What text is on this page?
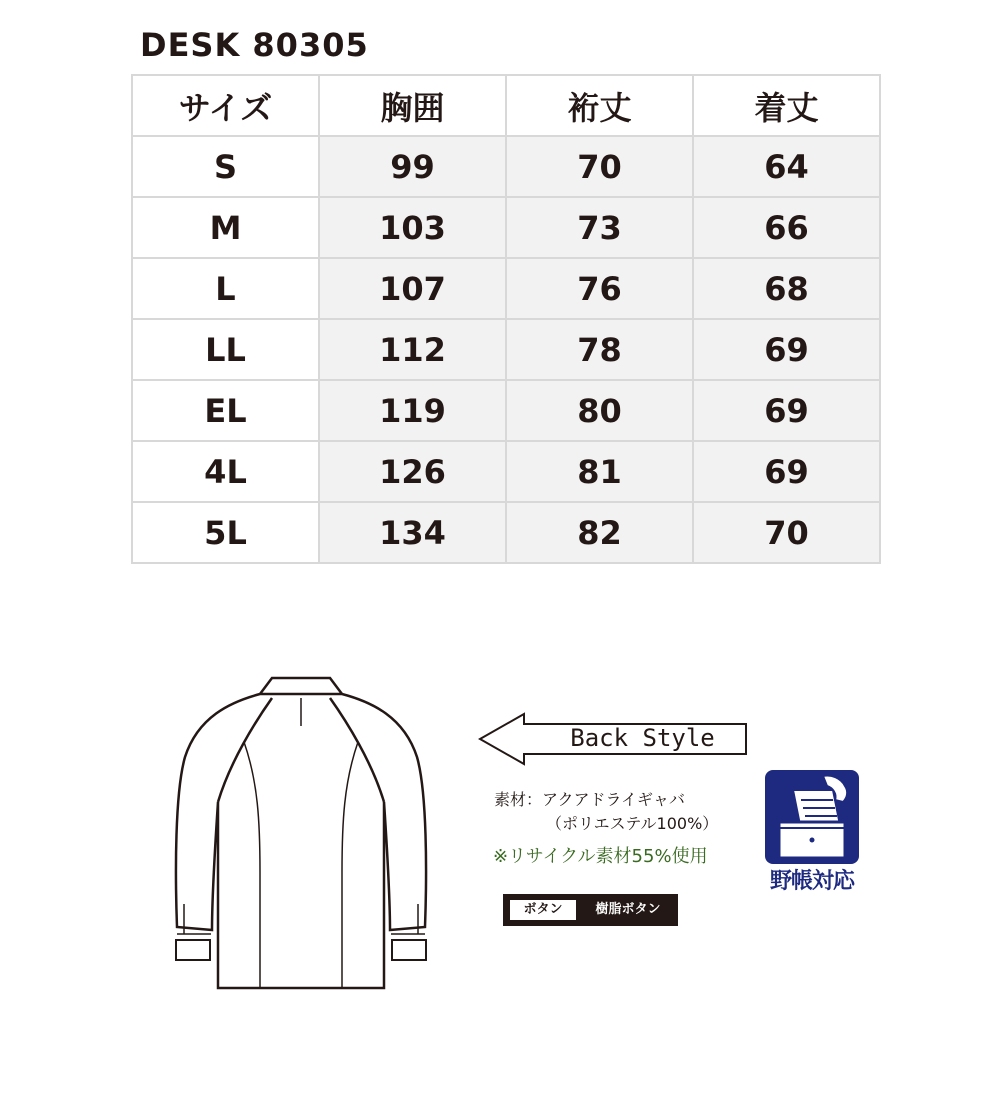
DESK 80305
サイズ	胸囲	裄丈	着丈
S	99	70	64
M	103	73	66
L	107	76	68
LL	112	78	69
EL	119	80	69
4L	126	81	69
5L	134	82	70
Back Style
素材：アクアドライギャバ
（ポリエステル100%）
※リサイクル素材55%使用
ボタン	樹脂ボタン
野帳対応
